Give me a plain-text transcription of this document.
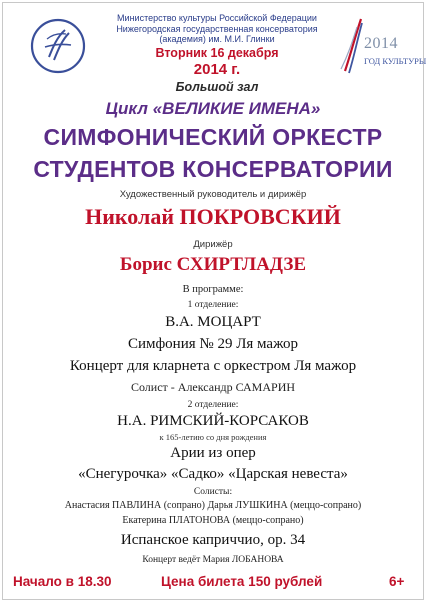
Министерство культуры Российской Федерации
Нижегородская государственная консерватория
(академия) им. М.И. Глинки	2014
ГОД КУЛЬТУРЫ
Вторник 16 декабря
2014 г.
Большой зал
Цикл «ВЕЛИКИЕ ИМЕНА»
СИМФОНИЧЕСКИЙ ОРКЕСТР
СТУДЕНТОВ КОНСЕРВАТОРИИ
Художественный руководитель и дирижёр
Николай ПОКРОВСКИЙ
Дирижёр
Борис СХИРТЛАДЗЕ
В программе:
1 отделение:
В.А. МОЦАРТ
Симфония № 29 Ля мажор
Концерт для кларнета с оркестром Ля мажор
Солист - Александр САМАРИН
2 отделение:
Н.А. РИМСКИЙ-КОРСАКОВ
к 165-летию со дня рождения
Арии из опер
«Снегурочка» «Садко» «Царская невеста»
Солисты:
Анастасия ПАВЛИНА (сопрано) Дарья ЛУШКИНА (меццо-сопрано)
Екатерина ПЛАТОНОВА (меццо-сопрано)
Испанское каприччио, ор. 34
Концерт ведёт Мария ЛОБАНОВА
Начало в 18.30	Цена билета 150 рублей	6+
